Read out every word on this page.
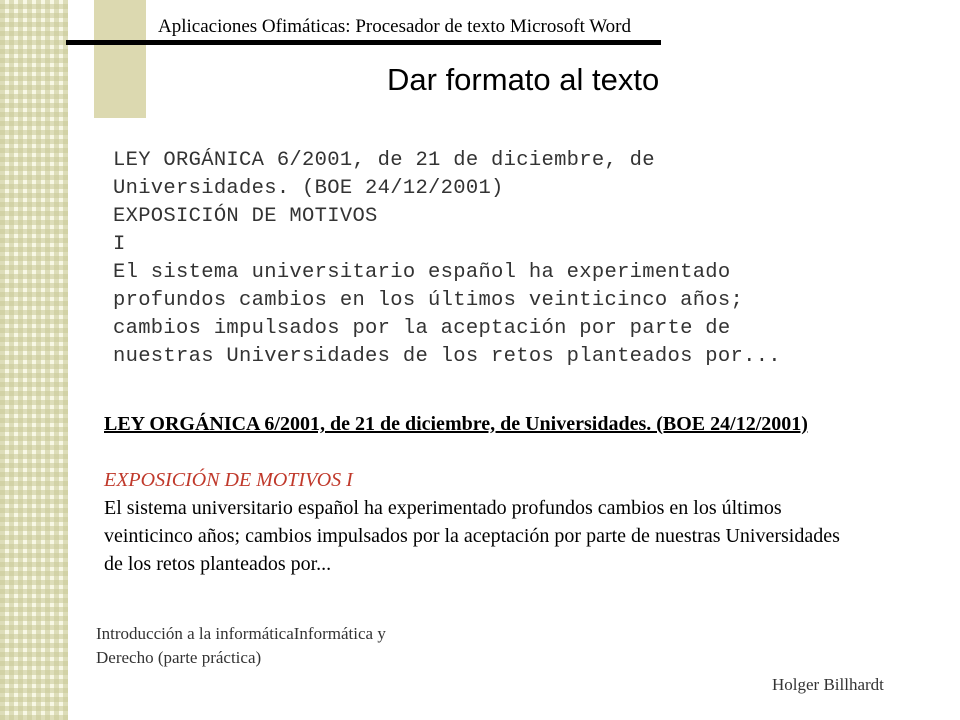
Aplicaciones Ofimáticas: Procesador de texto Microsoft Word
Dar formato al texto
LEY ORGÁNICA 6/2001, de 21 de diciembre, de
Universidades. (BOE 24/12/2001)
EXPOSICIÓN DE MOTIVOS
I
El sistema universitario español ha experimentado
profundos cambios en los últimos veinticinco años;
cambios impulsados por la aceptación por parte de
nuestras Universidades de los retos planteados por...
LEY ORGÁNICA 6/2001, de 21 de diciembre, de Universidades. (BOE 24/12/2001)
EXPOSICIÓN DE MOTIVOS I
El sistema universitario español ha experimentado profundos cambios en los últimos veinticinco años; cambios impulsados por la aceptación por parte de nuestras Universidades de los retos planteados por...
Introducción a la informáticaInformática y Derecho (parte práctica)
Holger Billhardt
